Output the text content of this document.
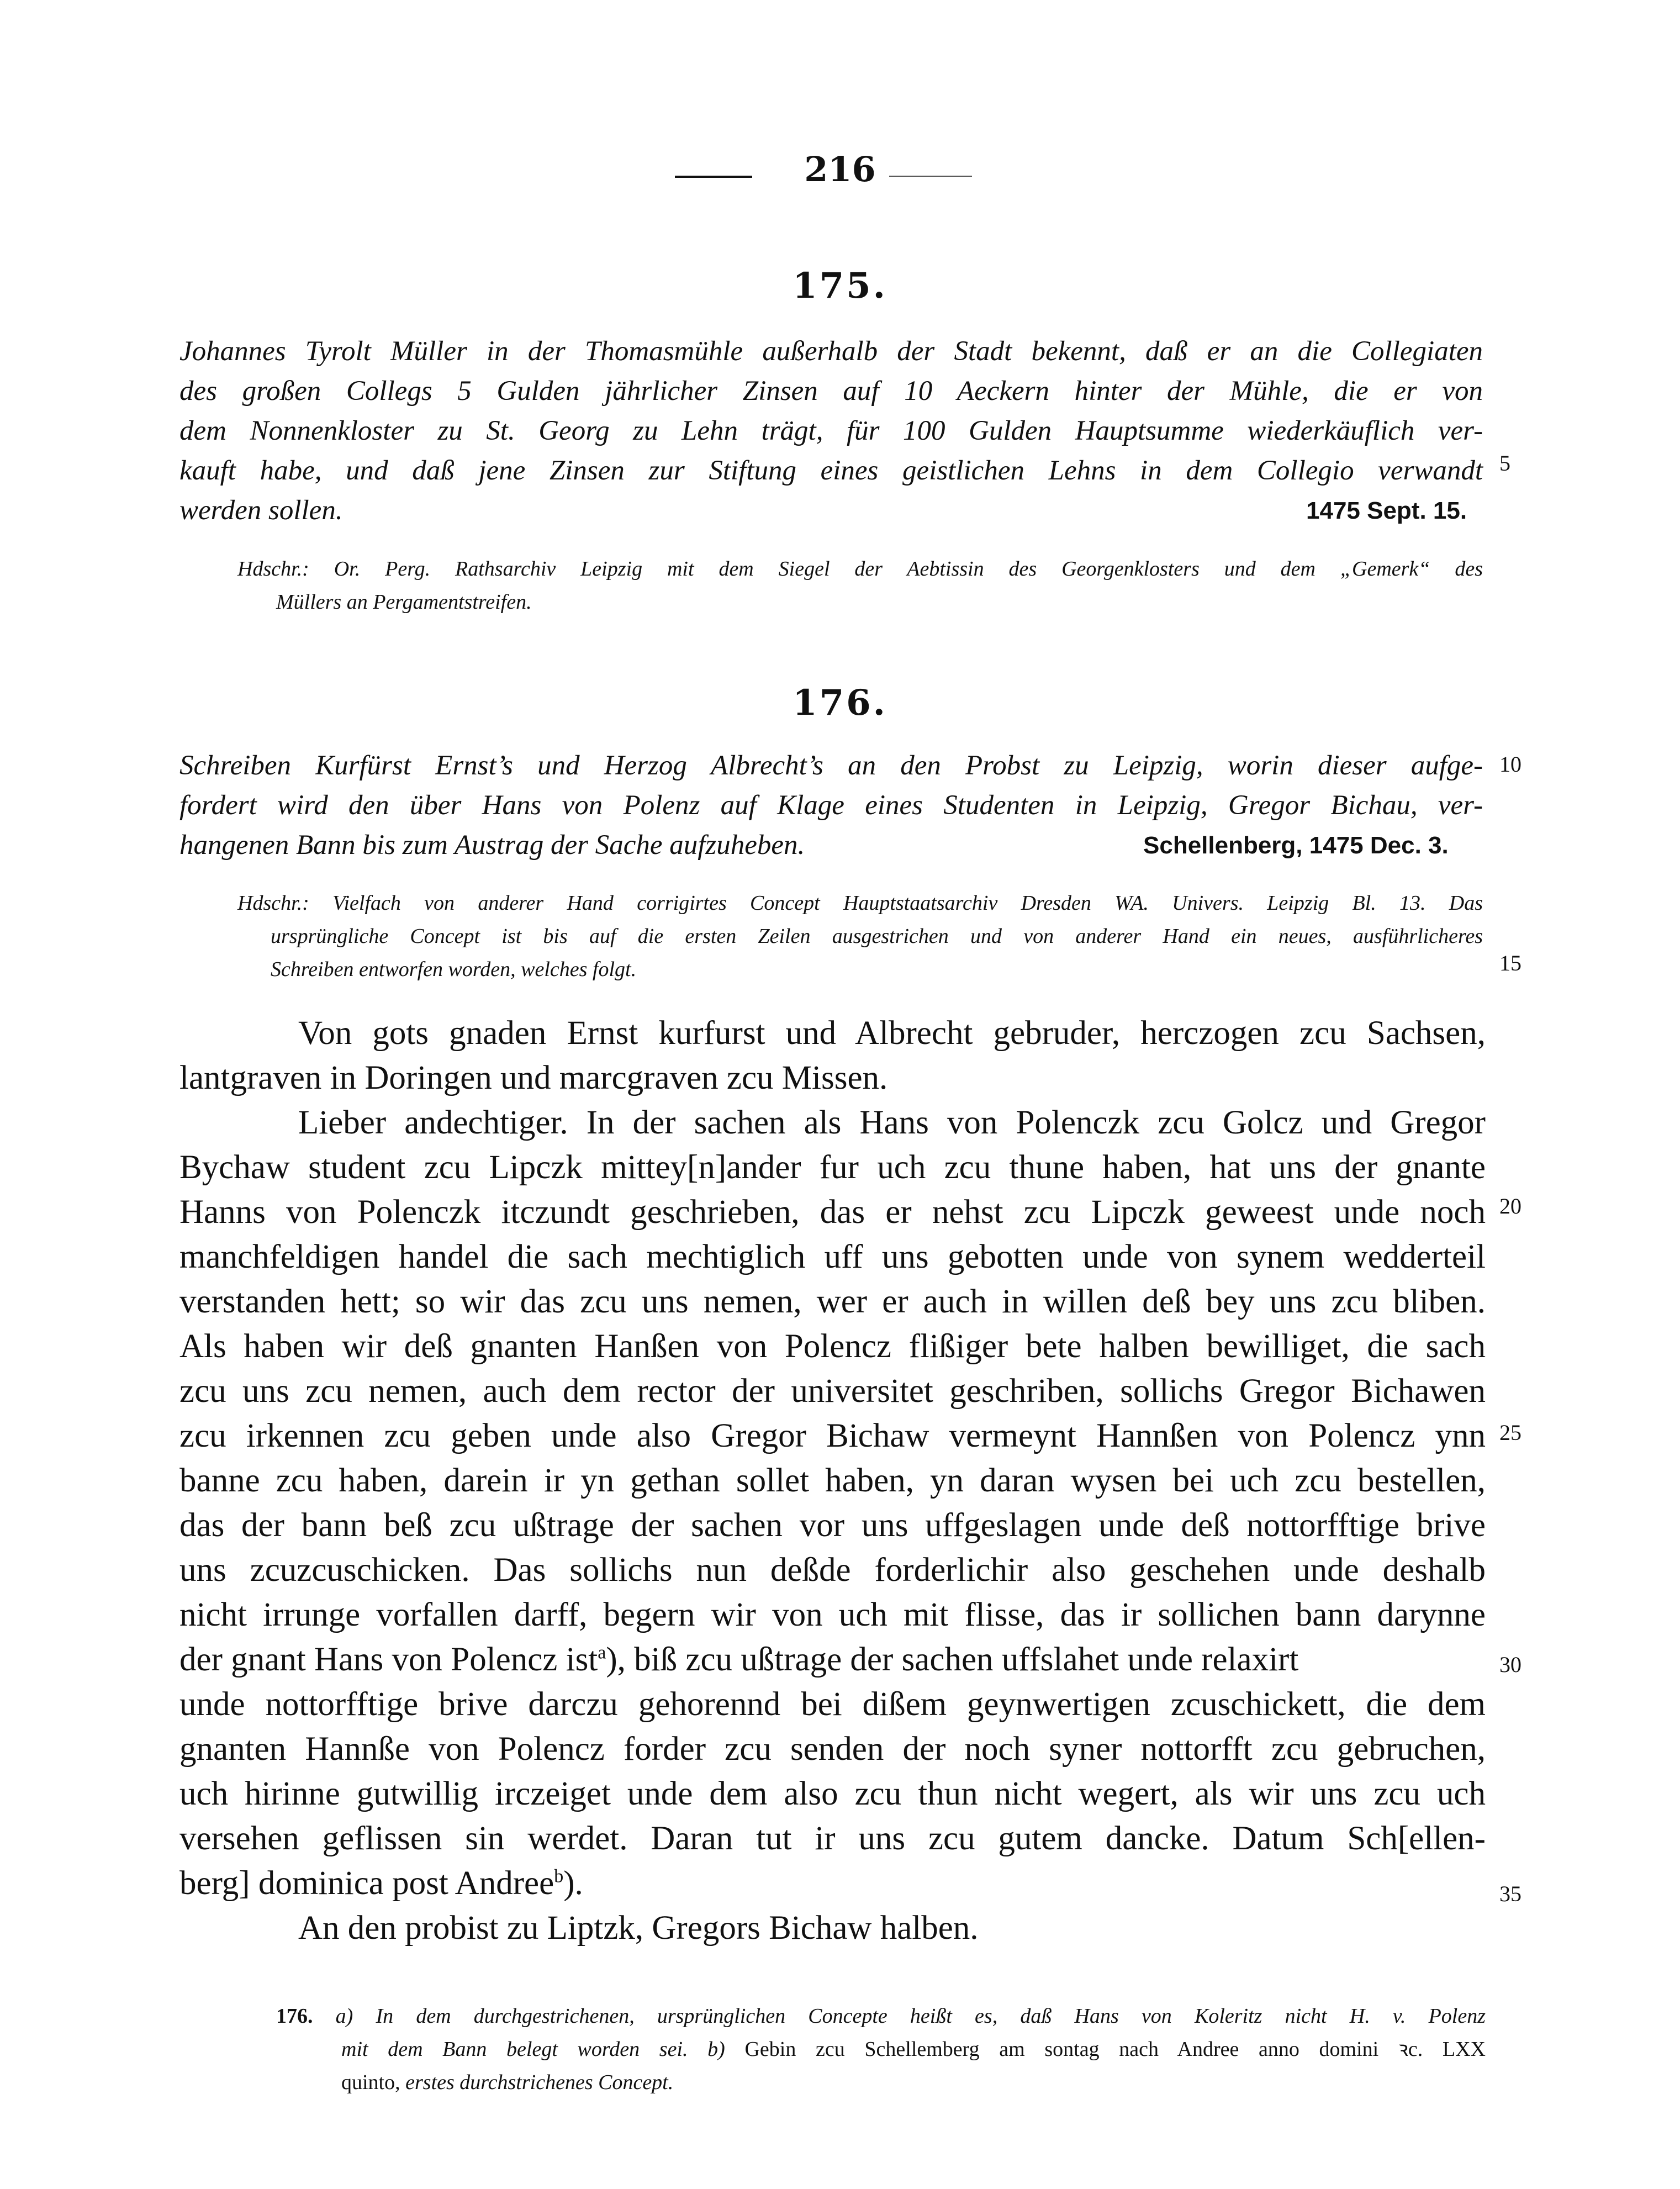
216
175.
Johannes Tyrolt Müller in der Thomasmühle außerhalb der Stadt bekennt, daß er an die Collegiaten
des großen Collegs 5 Gulden jährlicher Zinsen auf 10 Aeckern hinter der Mühle, die er von
dem Nonnenkloster zu St. Georg zu Lehn trägt, für 100 Gulden Hauptsumme wiederkäuflich ver-
kauft habe, und daß jene Zinsen zur Stiftung eines geistlichen Lehns in dem Collegio verwandt
werden sollen.	1475 Sept. 15.
Hdschr.: Or. Perg. Rathsarchiv Leipzig mit dem Siegel der Aebtissin des Georgenklosters und dem „Gemerk“ des
Müllers an Pergamentstreifen.
176.
Schreiben Kurfürst Ernst’s und Herzog Albrecht’s an den Probst zu Leipzig, worin dieser aufge-
fordert wird den über Hans von Polenz auf Klage eines Studenten in Leipzig, Gregor Bichau, ver-
hangenen Bann bis zum Austrag der Sache aufzuheben.	Schellenberg, 1475 Dec. 3.
Hdschr.: Vielfach von anderer Hand corrigirtes Concept Hauptstaatsarchiv Dresden WA. Univers. Leipzig Bl. 13. Das
ursprüngliche Concept ist bis auf die ersten Zeilen ausgestrichen und von anderer Hand ein neues, ausführlicheres
Schreiben entworfen worden, welches folgt.
Von gots gnaden Ernst kurfurst und Albrecht gebruder, herczogen zcu Sachsen,
lantgraven in Doringen und marcgraven zcu Missen.
Lieber andechtiger. In der sachen als Hans von Polenczk zcu Golcz und Gregor
Bychaw student zcu Lipczk mittey[n]ander fur uch zcu thune haben, hat uns der gnante
Hanns von Polenczk itczundt geschrieben, das er nehst zcu Lipczk geweest unde noch
manchfeldigen handel die sach mechtiglich uff uns gebotten unde von synem wedderteil
verstanden hett; so wir das zcu uns nemen, wer er auch in willen deß bey uns zcu bliben.
Als haben wir deß gnanten Hanßen von Polencz flißiger bete halben bewilliget, die sach
zcu uns zcu nemen, auch dem rector der universitet geschriben, sollichs Gregor Bichawen
zcu irkennen zcu geben unde also Gregor Bichaw vermeynt Hannßen von Polencz ynn
banne zcu haben, darein ir yn gethan sollet haben, yn daran wysen bei uch zcu bestellen,
das der bann beß zcu ußtrage der sachen vor uns uffgeslagen unde deß nottorfftige brive
uns zcuzcuschicken. Das sollichs nun deßde forderlichir also geschehen unde deshalb
nicht irrunge vorfallen darff, begern wir von uch mit flisse, das ir sollichen bann darynne
der gnant Hans von Polencz ist$^a$), biß zcu ußtrage der sachen uffslahet unde relaxirt
unde nottorfftige brive darczu gehorennd bei dißem geynwertigen zcuschickett, die dem
gnanten Hannße von Polencz forder zcu senden der noch syner nottorfft zcu gebruchen,
uch hirinne gutwillig irczeiget unde dem also zcu thun nicht wegert, als wir uns zcu uch
versehen geflissen sin werdet. Daran tut ir uns zcu gutem dancke. Datum Sch[ellen-
berg] dominica post Andree$^b$).
An den probist zu Liptzk, Gregors Bichaw halben.
5
10
15
20
25
30
35
176. a) In dem durchgestrichenen, ursprünglichen Concepte heißt es, daß Hans von Koleritz nicht H. v. Polenz
mit dem Bann belegt worden sei. b) Gebin zcu Schellemberg am sontag nach Andree anno domini ꝛc. LXX
quinto, erstes durchstrichenes Concept.
